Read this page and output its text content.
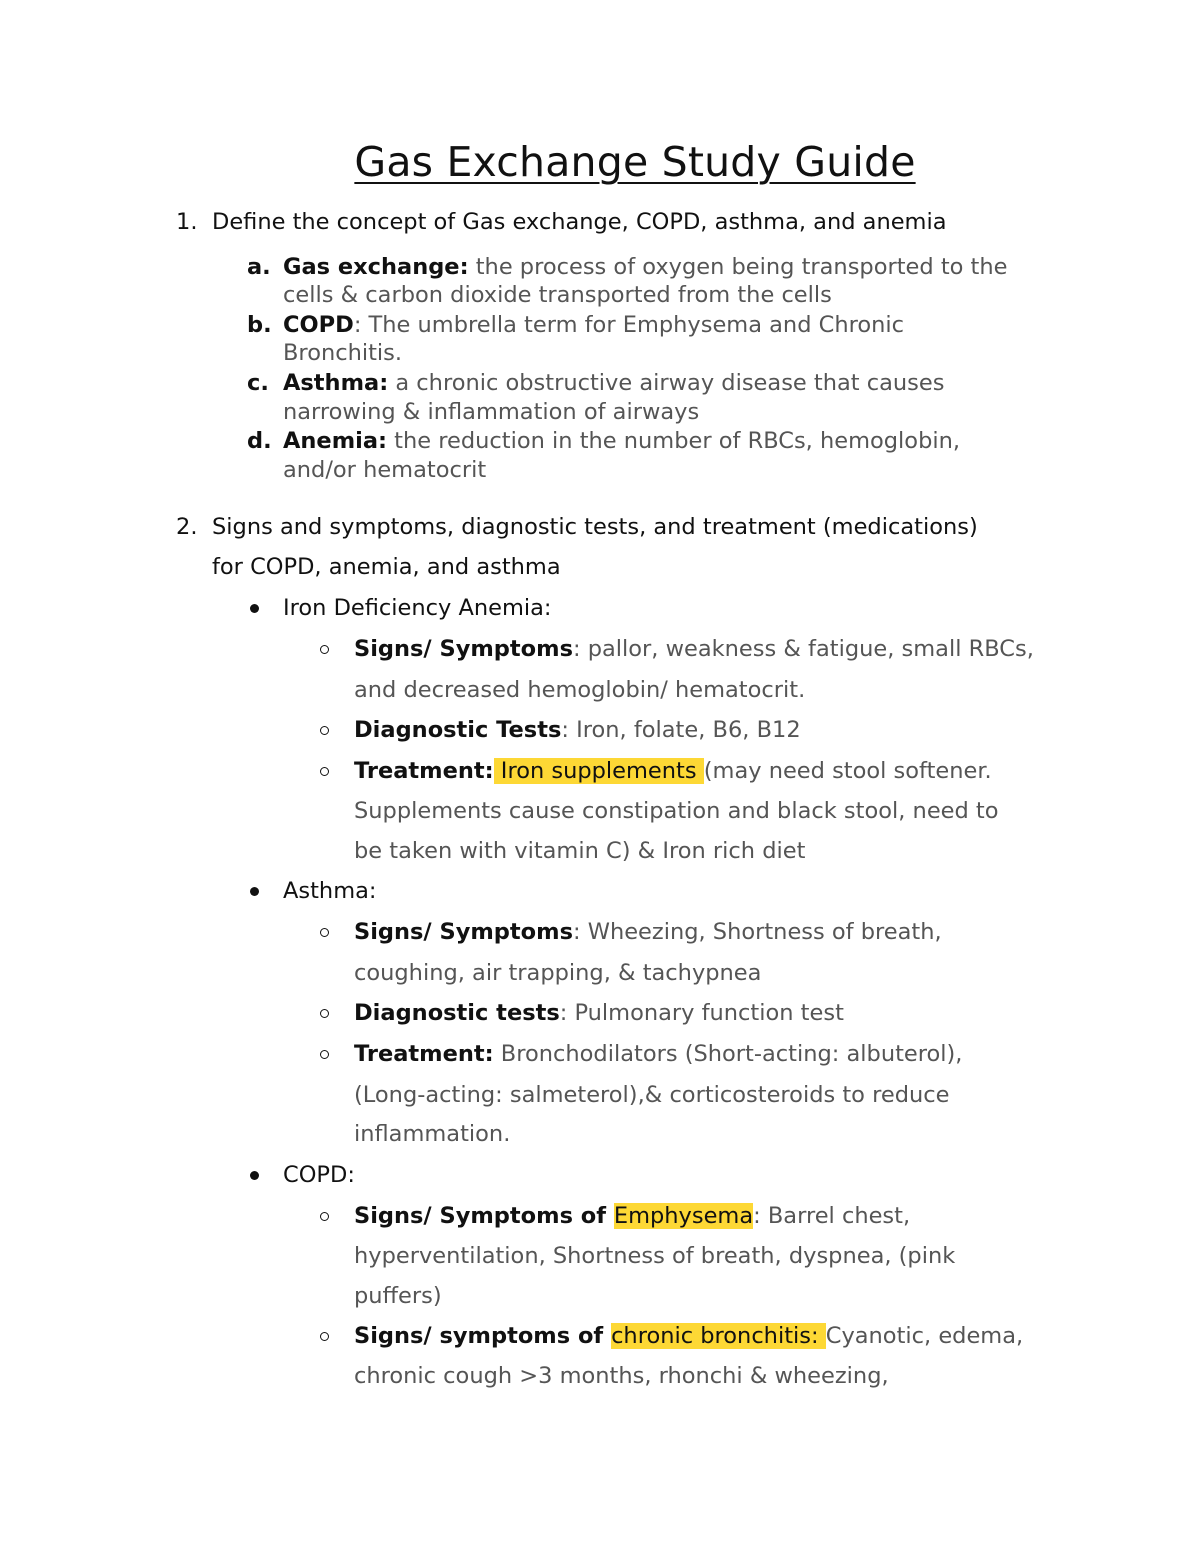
Gas Exchange Study Guide
1. Define the concept of Gas exchange, COPD, asthma, and anemia
a. Gas exchange: the process of oxygen being transported to the
cells & carbon dioxide transported from the cells
b. COPD: The umbrella term for Emphysema and Chronic
Bronchitis.
c. Asthma: a chronic obstructive airway disease that causes
narrowing & inflammation of airways
d. Anemia: the reduction in the number of RBCs, hemoglobin,
and/or hematocrit
2. Signs and symptoms, diagnostic tests, and treatment (medications)
for COPD, anemia, and asthma
Iron Deficiency Anemia:
Signs/ Symptoms: pallor, weakness & fatigue, small RBCs,
and decreased hemoglobin/ hematocrit.
Diagnostic Tests: Iron, folate, B6, B12
Treatment: Iron supplements (may need stool softener.
Supplements cause constipation and black stool, need to
be taken with vitamin C) & Iron rich diet
Asthma:
Signs/ Symptoms: Wheezing, Shortness of breath,
coughing, air trapping, & tachypnea
Diagnostic tests: Pulmonary function test
Treatment: Bronchodilators (Short-acting: albuterol),
(Long-acting: salmeterol),& corticosteroids to reduce
inflammation.
COPD:
Signs/ Symptoms of Emphysema: Barrel chest,
hyperventilation, Shortness of breath, dyspnea, (pink
puffers)
Signs/ symptoms of chronic bronchitis: Cyanotic, edema,
chronic cough >3 months, rhonchi & wheezing,
